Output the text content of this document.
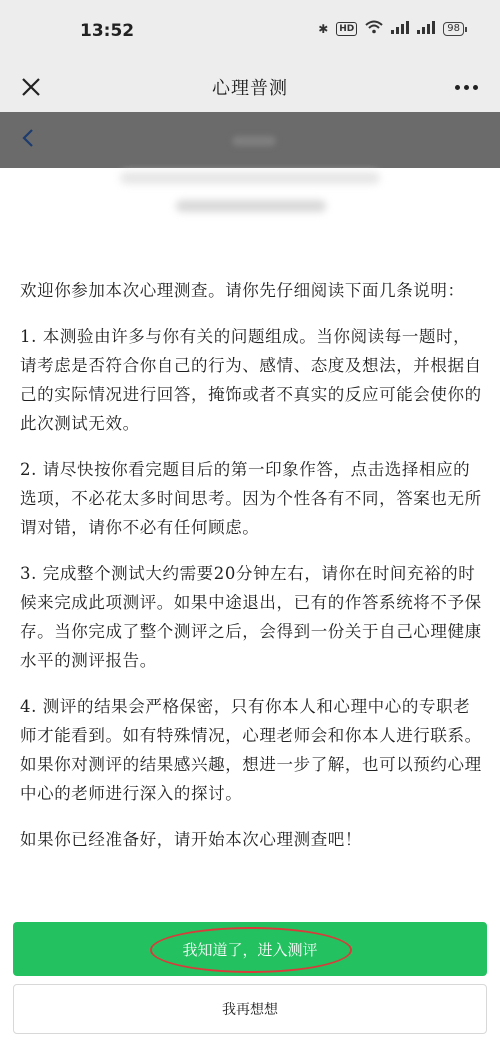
13:52	✱	HD	98
心理普测

欢迎你参加本次心理测查。请你先仔细阅读下面几条说明：

1. 本测验由许多与你有关的问题组成。当你阅读每一题时，请考虑是否符合你自己的行为、感情、态度及想法，并根据自己的实际情况进行回答，掩饰或者不真实的反应可能会使你的此次测试无效。

2. 请尽快按你看完题目后的第一印象作答，点击选择相应的选项，不必花太多时间思考。因为个性各有不同，答案也无所谓对错，请你不必有任何顾虑。

3. 完成整个测试大约需要20分钟左右，请你在时间充裕的时候来完成此项测评。如果中途退出，已有的作答系统将不予保存。当你完成了整个测评之后，会得到一份关于自己心理健康水平的测评报告。

4. 测评的结果会严格保密，只有你本人和心理中心的专职老师才能看到。如有特殊情况，心理老师会和你本人进行联系。如果你对测评的结果感兴趣，想进一步了解，也可以预约心理中心的老师进行深入的探讨。

如果你已经准备好，请开始本次心理测查吧！

我知道了，进入测评
我再想想
